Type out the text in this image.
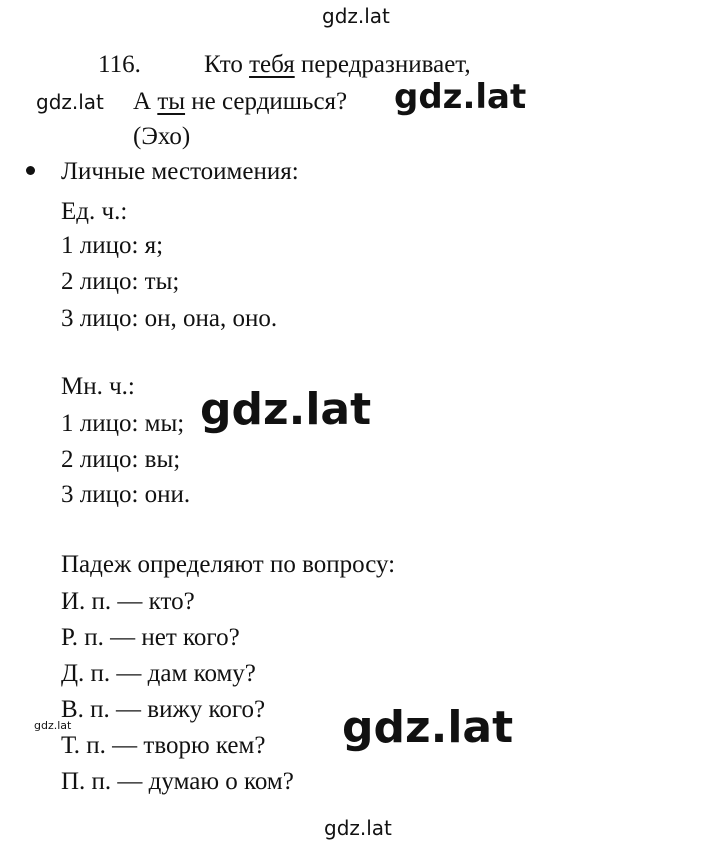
gdz.lat
gdz.lat	gdz.lat
gdz.lat
gdz.lat	gdz.lat
gdz.lat
116.	Кто тебя передразнивает,
А ты не сердишься?
(Эхо)
Личные местоимения:
Ед. ч.:
1 лицо: я;
2 лицо: ты;
3 лицо: он, она, оно.
Мн. ч.:
1 лицо: мы;
2 лицо: вы;
3 лицо: они.
Падеж определяют по вопросу:
И. п. — кто?
Р. п. — нет кого?
Д. п. — дам кому?
В. п. — вижу кого?
Т. п. — творю кем?
П. п. — думаю о ком?
